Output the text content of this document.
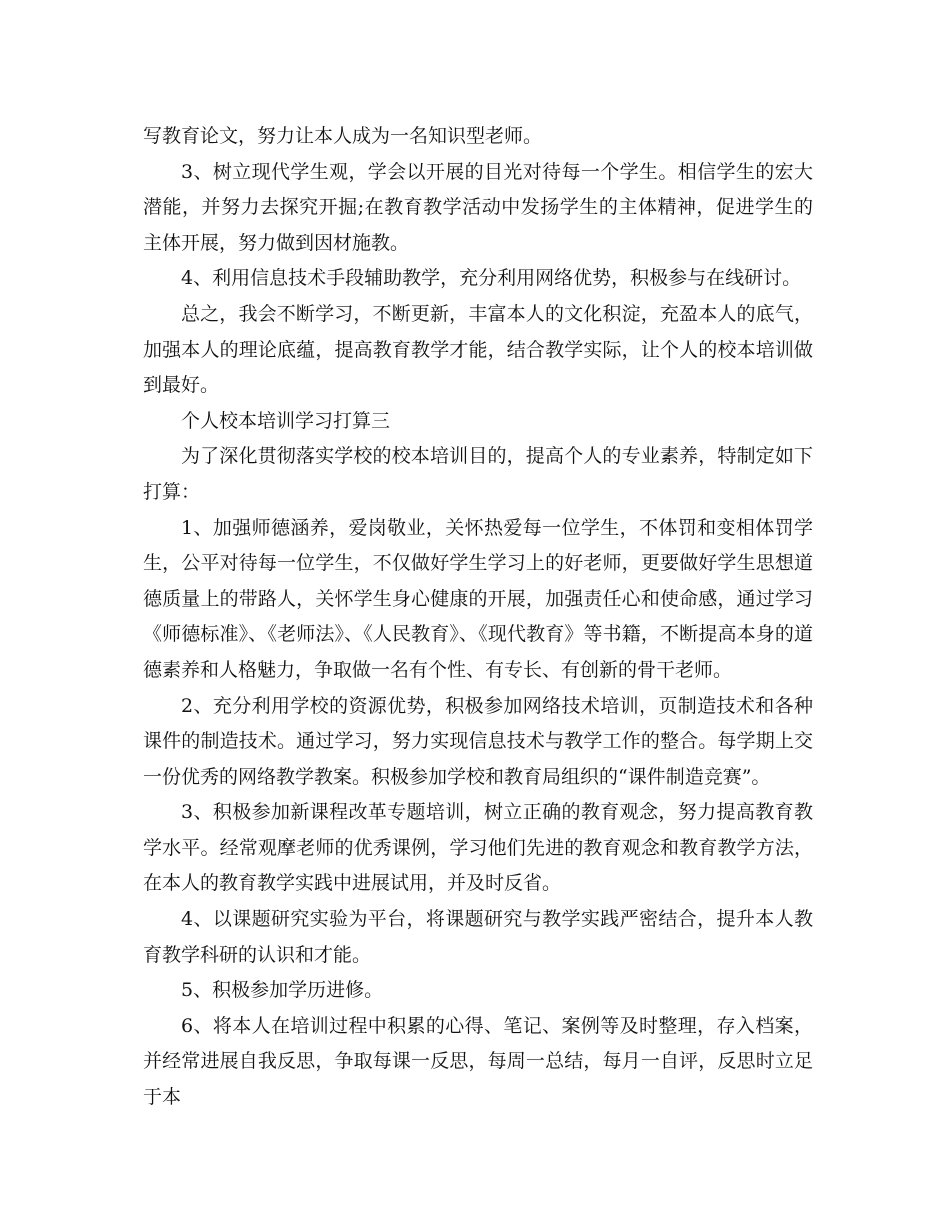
写教育论文，努力让本人成为一名知识型老师。

3、树立现代学生观，学会以开展的目光对待每一个学生。相信学生的宏大潜能，并努力去探究开掘;在教育教学活动中发扬学生的主体精神，促进学生的主体开展，努力做到因材施教。

4、利用信息技术手段辅助教学，充分利用网络优势，积极参与在线研讨。

总之，我会不断学习，不断更新，丰富本人的文化积淀，充盈本人的底气，加强本人的理论底蕴，提高教育教学才能，结合教学实际，让个人的校本培训做到最好。

个人校本培训学习打算三

为了深化贯彻落实学校的校本培训目的，提高个人的专业素养，特制定如下打算：

1、加强师德涵养，爱岗敬业，关怀热爱每一位学生，不体罚和变相体罚学生，公平对待每一位学生，不仅做好学生学习上的好老师，更要做好学生思想道德质量上的带路人，关怀学生身心健康的开展，加强责任心和使命感，通过学习《师德标准》、《老师法》、《人民教育》、《现代教育》等书籍，不断提高本身的道德素养和人格魅力，争取做一名有个性、有专长、有创新的骨干老师。

2、充分利用学校的资源优势，积极参加网络技术培训，页制造技术和各种课件的制造技术。通过学习，努力实现信息技术与教学工作的整合。每学期上交一份优秀的网络教学教案。积极参加学校和教育局组织的“课件制造竞赛”。

3、积极参加新课程改革专题培训，树立正确的教育观念，努力提高教育教学水平。经常观摩老师的优秀课例，学习他们先进的教育观念和教育教学方法，在本人的教育教学实践中进展试用，并及时反省。

4、以课题研究实验为平台，将课题研究与教学实践严密结合，提升本人教育教学科研的认识和才能。

5、积极参加学历进修。

6、将本人在培训过程中积累的心得、笔记、案例等及时整理，存入档案，并经常进展自我反思，争取每课一反思，每周一总结，每月一自评，反思时立足于本
